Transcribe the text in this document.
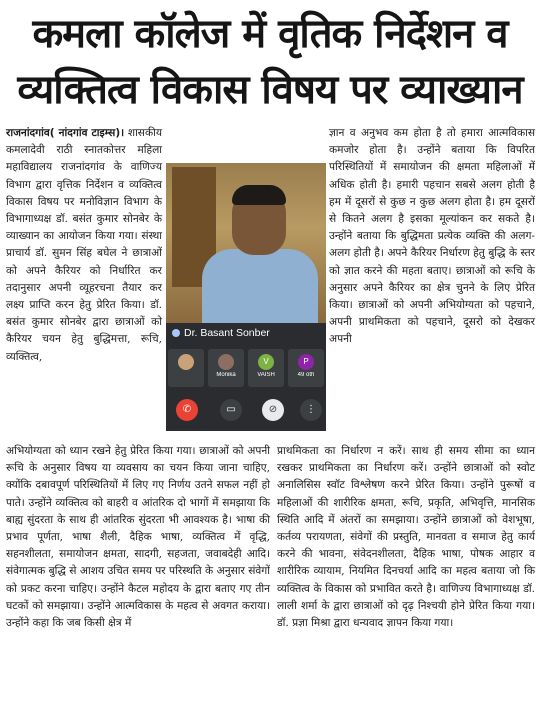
कमला कॉलेज में वृतिक निर्देशन व
व्यक्तित्व विकास विषय पर व्याख्यान

राजनांदगांव( नांदगांव टाइम्स)। शासकीय कमलादेवी राठी स्नातकोत्तर महिला महाविद्यालय राजनांदगांव के वाणिज्य विभाग द्वारा वृत्तिक निर्देशन व व्यक्तित्व विकास विषय पर मनोविज्ञान विभाग के विभागाध्यक्ष डॉ. बसंत कुमार सोनबेर के व्याख्यान का आयोजन किया गया। संस्था प्राचार्य डॉ. सुमन सिंह बघेल ने छात्राओं को अपने कैरियर को निर्धारित कर तदानुसार अपनी व्यूहरचना तैयार कर लक्ष्य प्राप्ति करन हेतु प्रेरित किया। डॉ. बसंत कुमार सोनबेर द्वारा छात्राओं को कैरियर चयन हेतु बुद्धिमत्ता, रूचि, व्यक्तित्व,

Dr. Basant Sonber
Monika
V
VAISH
P
49 oth
✆	▭	⊘	⋮

ज्ञान व अनुभव कम होता है तो हमारा आत्मविकास कमजोर होता है। उन्होंने बताया कि विपरित परिस्थितियों में समायोजन की क्षमता महिलाओं में अधिक होती है। हमारी पहचान सबसे अलग होती है हम में दूसरों से कुछ न कुछ अलग होता है। हम दूसरों से कितने अलग है इसका मूल्यांकन कर सकते है। उन्होंने बताया कि बुद्धिमता प्रत्येक व्यक्ति की अलग-अलग होती है। अपने कैरियर निर्धारण हेतु बुद्धि के स्तर को ज्ञात करने की महता बताए। छात्राओं को रूचि के अनुसार अपने कैरियर का क्षेत्र चुनने के लिए प्रेरित किया। छात्राओं को अपनी अभियोग्यता को पहचाने, अपनी प्राथमिकता को पहचाने, दूसरो को देखकर अपनी

अभियोग्यता को ध्यान रखने हेतु प्रेरित किया गया। छात्राओं को अपनी रूचि के अनुसार विषय या व्यवसाय का चयन किया जाना चाहिए, क्योंकि दबावपूर्ण परिस्थितियों में लिए गए निर्णय उतने सफल नहीं हो पाते। उन्होंने व्यक्तित्व को बाहरी व आंतरिक दो भागों में समझाया कि बाह्य सुंदरता के साथ ही आंतरिक सुंदरता भी आवश्यक है। भाषा की प्रभाव पूर्णता, भाषा शैली, दैहिक भाषा, व्यक्तित्व में वृद्धि, सहनशीलता, समायोजन क्षमता, सादगी, सहजता, जवाबदेही आदि। संवेगात्मक बुद्धि से आशय उचित समय पर परिस्थति के अनुसार संवेगों को प्रकट करना चाहिए। उन्होंने कैटल महोदय के द्वारा बताए गए तीन घटकों को समझाया। उन्होंने आत्मविकास के महत्व से अवगत कराया। उन्होंने कहा कि जब किसी क्षेत्र में

प्राथमिकता का निर्धारण न करें। साथ ही समय सीमा का ध्यान रखकर प्राथमिकता का निर्धारण करें। उन्होंने छात्राओं को स्वोट अनालिसिस स्वॉट विश्लेषण करने प्रेरित किया। उन्होंने पुरूषों व महिलाओं की शारीरिक क्षमता, रूचि, प्रकृति, अभिवृत्ति, मानसिक स्थिति आदि में अंतरों का समझाया। उन्होंने छात्राओं को वेशभूषा, कर्तव्य परायणता, संवेगों की प्रस्तुति, मानवता व समाज हेतु कार्य करने की भावना, संवेदनशीलता, दैहिक भाषा, पोषक आहार व शारीरिक व्यायाम, नियमित दिनचर्या आदि का महत्व बताया जो कि व्यक्तित्व के विकास को प्रभावित करते है। वाणिज्य विभागाध्यक्ष डॉ. लाली शर्मा के द्वारा छात्राओं को दृढ़ निश्चयी होने प्रेरित किया गया। डॉ. प्रज्ञा मिश्रा द्वारा धन्यवाद ज्ञापन किया गया।
